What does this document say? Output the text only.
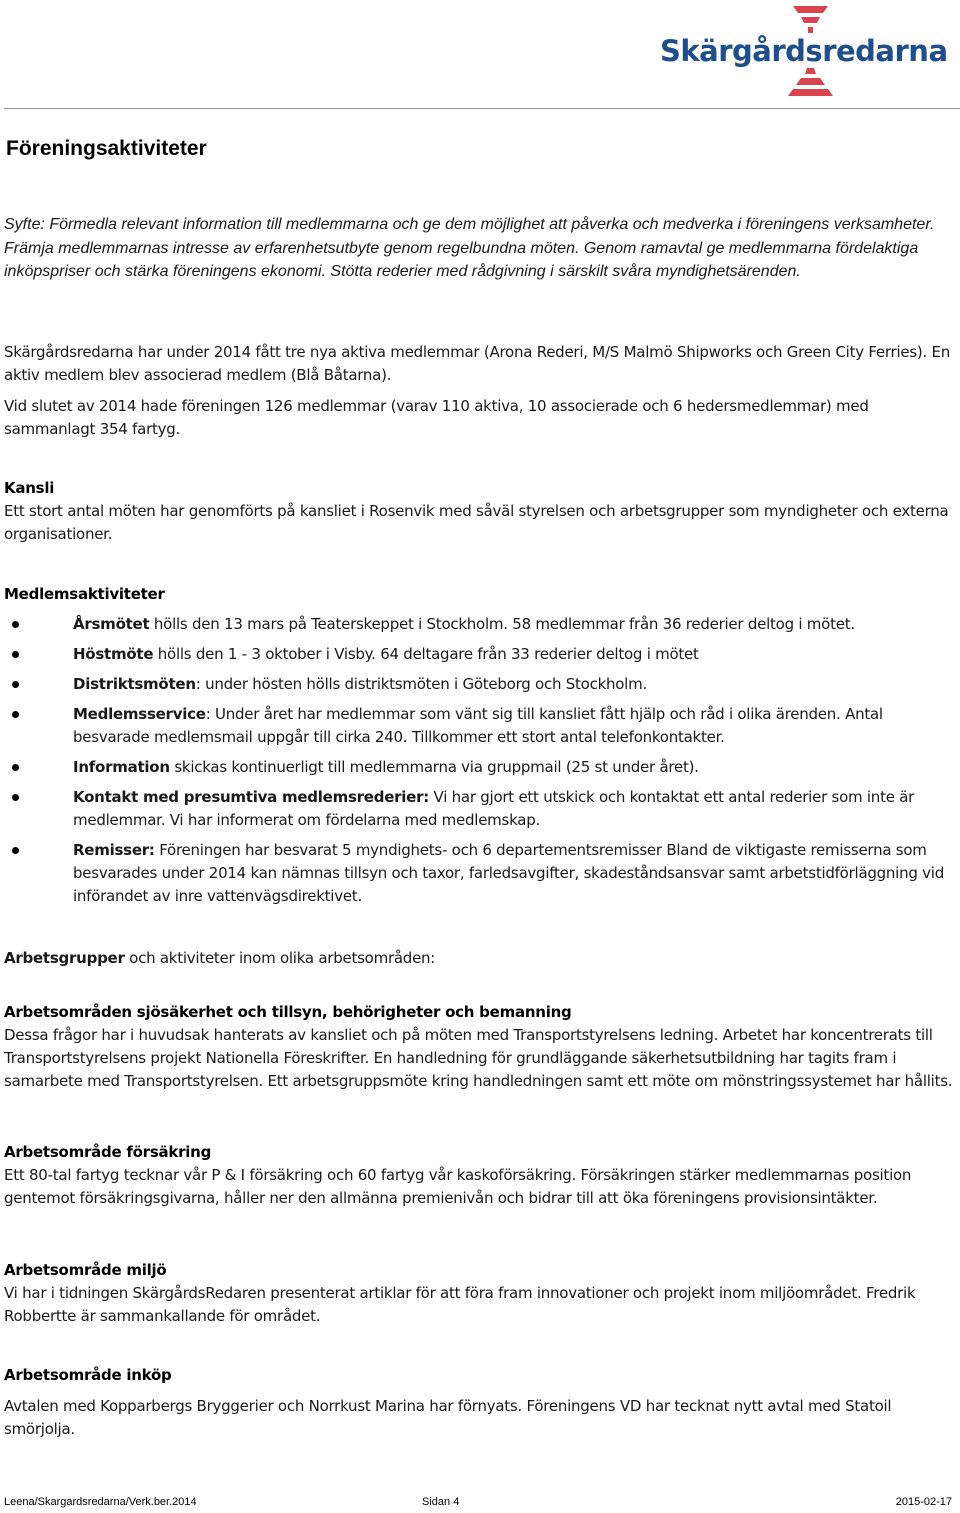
Skärgårdsredarna
Föreningsaktiviteter

Syfte: Förmedla relevant information till medlemmarna och ge dem möjlighet att påverka och medverka i föreningens verksamheter. Främja medlemmarnas intresse av erfarenhetsutbyte genom regelbundna möten. Genom ramavtal ge medlemmarna fördelaktiga inköpspriser och stärka föreningens ekonomi. Stötta rederier med rådgivning i särskilt svåra myndighetsärenden.

Skärgårdsredarna har under 2014 fått tre nya aktiva medlemmar (Arona Rederi, M/S Malmö Shipworks och Green City Ferries). En aktiv medlem blev associerad medlem (Blå Båtarna).

Vid slutet av 2014 hade föreningen 126 medlemmar (varav 110 aktiva, 10 associerade och 6 hedersmedlemmar) med sammanlagt 354 fartyg.

Kansli

Ett stort antal möten har genomförts på kansliet i Rosenvik med såväl styrelsen och arbetsgrupper som myndigheter och externa organisationer.

Medlemsaktiviteter

Årsmötet hölls den 13 mars på Teaterskeppet i Stockholm. 58 medlemmar från 36 rederier deltog i mötet.
Höstmöte hölls den 1 - 3 oktober i Visby. 64 deltagare från 33 rederier deltog i mötet
Distriktsmöten: under hösten hölls distriktsmöten i Göteborg och Stockholm.
Medlemsservice: Under året har medlemmar som vänt sig till kansliet fått hjälp och råd i olika ärenden. Antal besvarade medlemsmail uppgår till cirka 240. Tillkommer ett stort antal telefonkontakter.
Information skickas kontinuerligt till medlemmarna via gruppmail (25 st under året).
Kontakt med presumtiva medlemsrederier: Vi har gjort ett utskick och kontaktat ett antal rederier som inte är medlemmar. Vi har informerat om fördelarna med medlemskap.
Remisser: Föreningen har besvarat 5 myndighets- och 6 departementsremisser Bland de viktigaste remisserna som besvarades under 2014 kan nämnas tillsyn och taxor, farledsavgifter, skadeståndsansvar samt arbetstidförläggning vid införandet av inre vattenvägsdirektivet.

Arbetsgrupper och aktiviteter inom olika arbetsområden:

Arbetsområden sjösäkerhet och tillsyn, behörigheter och bemanning

Dessa frågor har i huvudsak hanterats av kansliet och på möten med Transportstyrelsens ledning. Arbetet har koncentrerats till Transportstyrelsens projekt Nationella Föreskrifter. En handledning för grundläggande säkerhetsutbildning har tagits fram i samarbete med Transportstyrelsen. Ett arbetsgruppsmöte kring handledningen samt ett möte om mönstringssystemet har hållits.

Arbetsområde försäkring

Ett 80-tal fartyg tecknar vår P & I försäkring och 60 fartyg vår kaskoförsäkring. Försäkringen stärker medlemmarnas position gentemot försäkringsgivarna, håller ner den allmänna premienivån och bidrar till att öka föreningens provisionsintäkter.

Arbetsområde miljö

Vi har i tidningen SkärgårdsRedaren presenterat artiklar för att föra fram innovationer och projekt inom miljöområdet. Fredrik Robbertte är sammankallande för området.

Arbetsområde inköp

Avtalen med Kopparbergs Bryggerier och Norrkust Marina har förnyats. Föreningens VD har tecknat nytt avtal med Statoil smörjolja.

Leena/Skargardsredarna/Verk.ber.2014	Sidan 4	2015-02-17
